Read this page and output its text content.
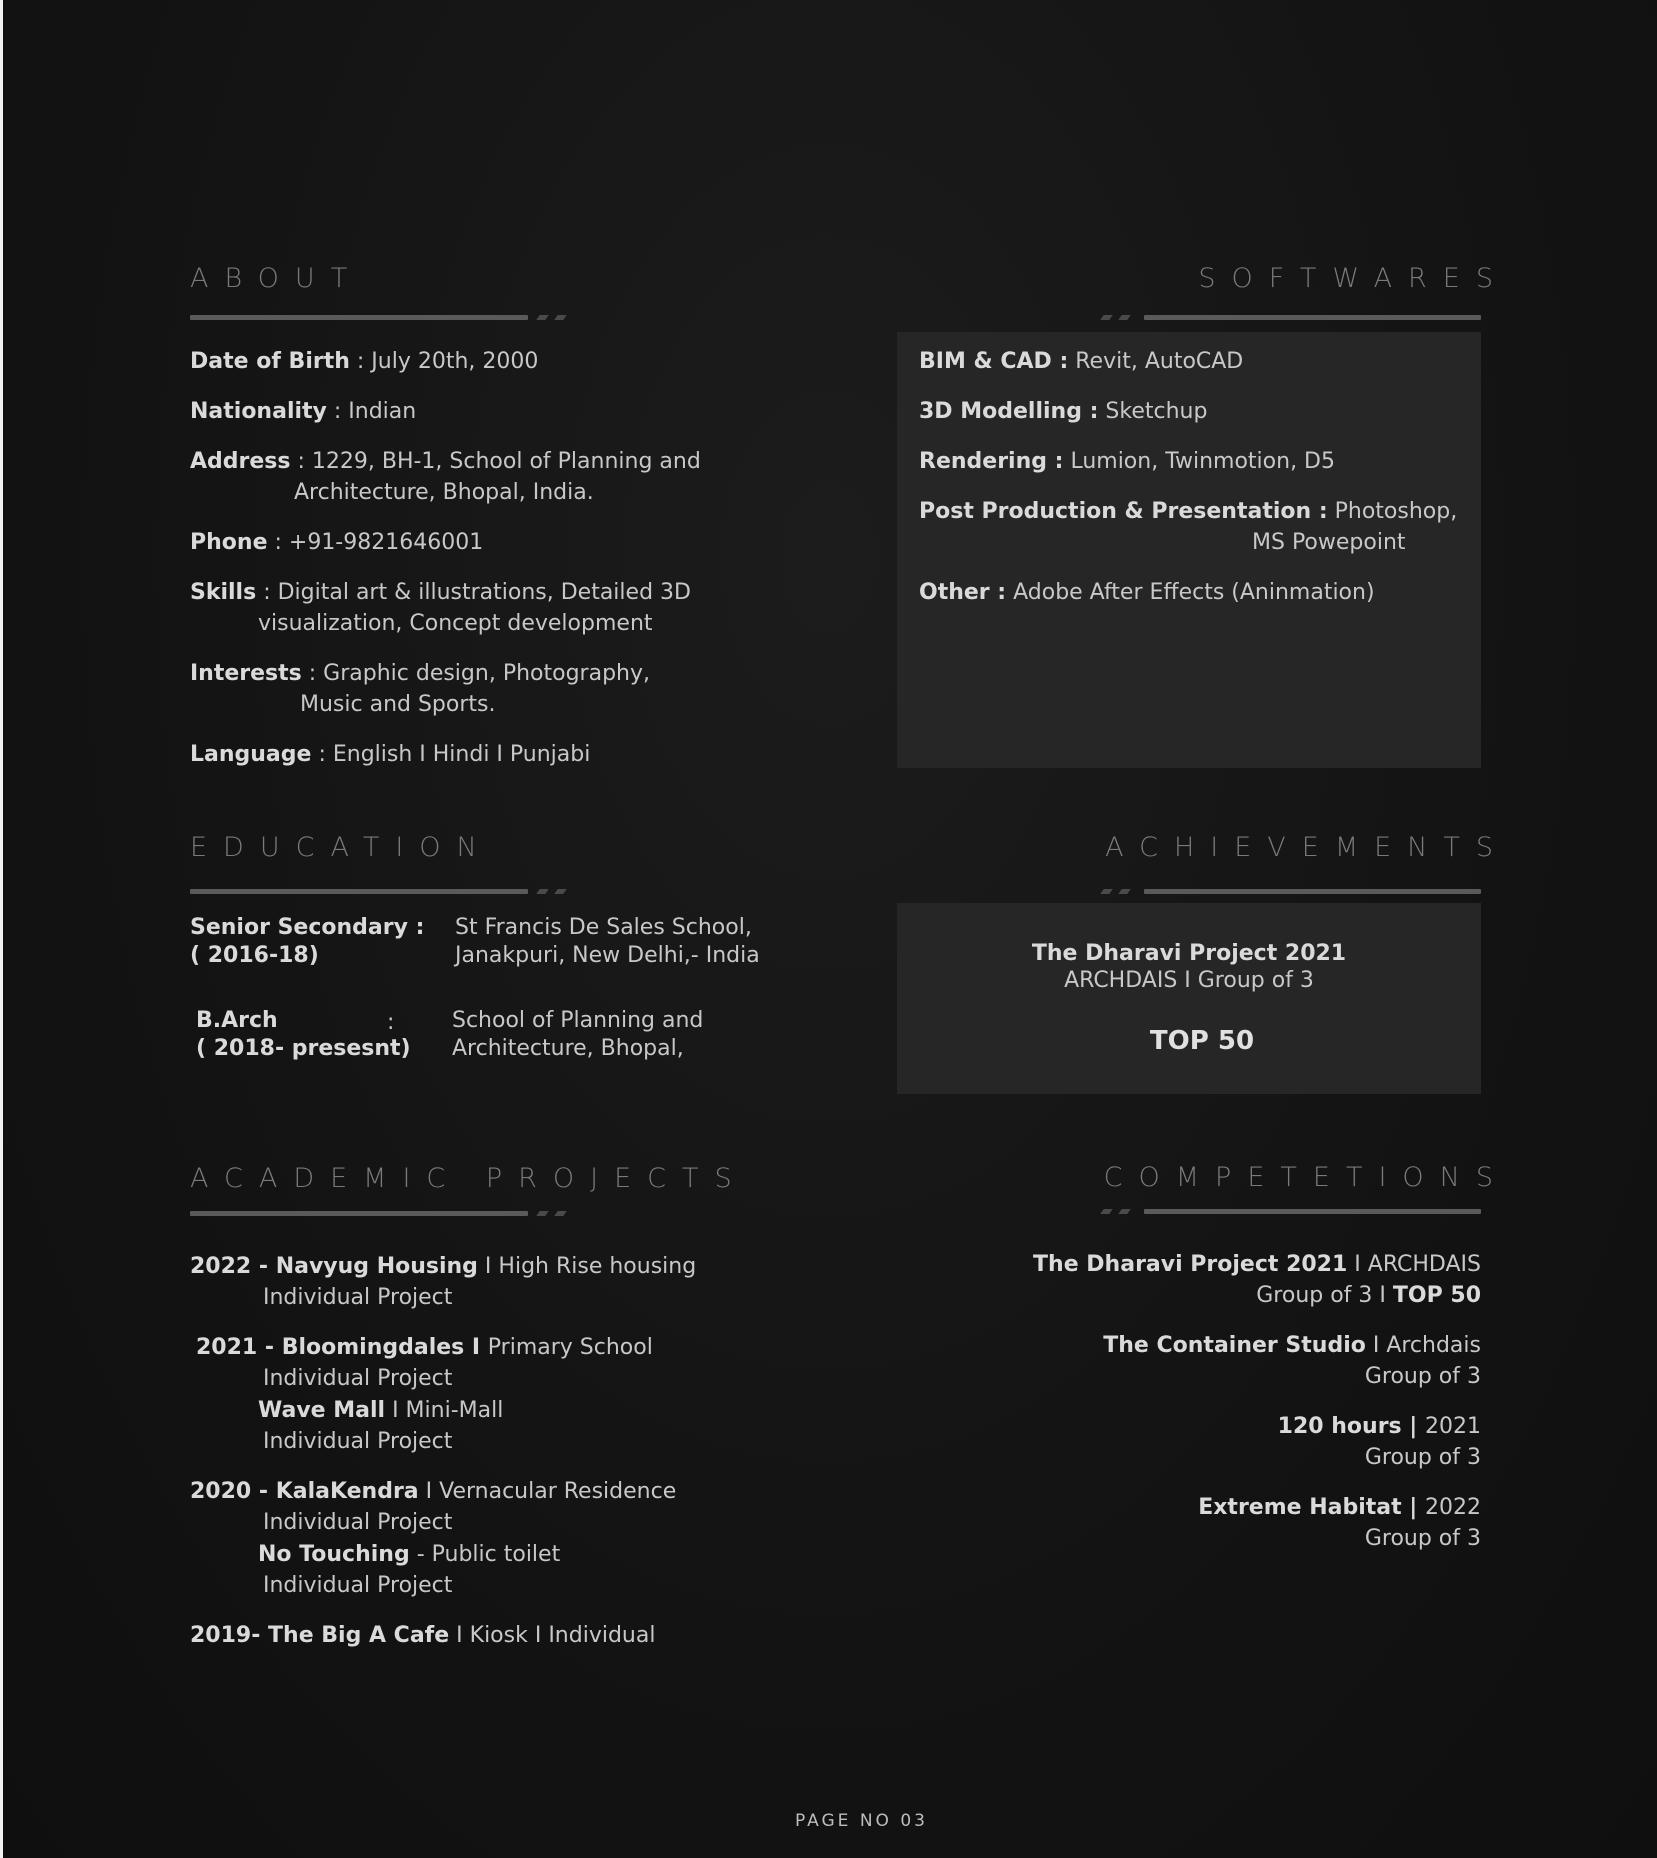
ABOUT
Date of Birth : July 20th, 2000
Nationality : Indian
Address : 1229, BH-1, School of Planning and
Architecture, Bhopal, India.
Phone : +91-9821646001
Skills : Digital art & illustrations, Detailed 3D
visualization, Concept development
Interests : Graphic design, Photography,
Music and Sports.
Language : English I Hindi I Punjabi
SOFTWARES
BIM & CAD : Revit, AutoCAD
3D Modelling : Sketchup
Rendering : Lumion, Twinmotion, D5
Post Production & Presentation : Photoshop,
MS Powepoint
Other : Adobe After Effects (Aninmation)
EDUCATION
Senior Secondary :
( 2016-18)
St Francis De Sales School,
Janakpuri, New Delhi,- India
B.Arch
( 2018- presesnt)
:	School of Planning and
Architecture, Bhopal,
ACHIEVEMENTS
The Dharavi Project 2021
ARCHDAIS I Group of 3
TOP 50
ACADEMIC PROJECTS
2022 - Navyug Housing I High Rise housing
Individual Project
2021 - Bloomingdales I Primary School
Individual Project
Wave Mall I Mini-Mall
Individual Project
2020 - KalaKendra I Vernacular Residence
Individual Project
No Touching - Public toilet
Individual Project
2019- The Big A Cafe I Kiosk I Individual
COMPETETIONS
The Dharavi Project 2021 I ARCHDAIS
Group of 3 I TOP 50
The Container Studio I Archdais
Group of 3
120 hours | 2021
Group of 3
Extreme Habitat | 2022
Group of 3
PAGE NO 03
